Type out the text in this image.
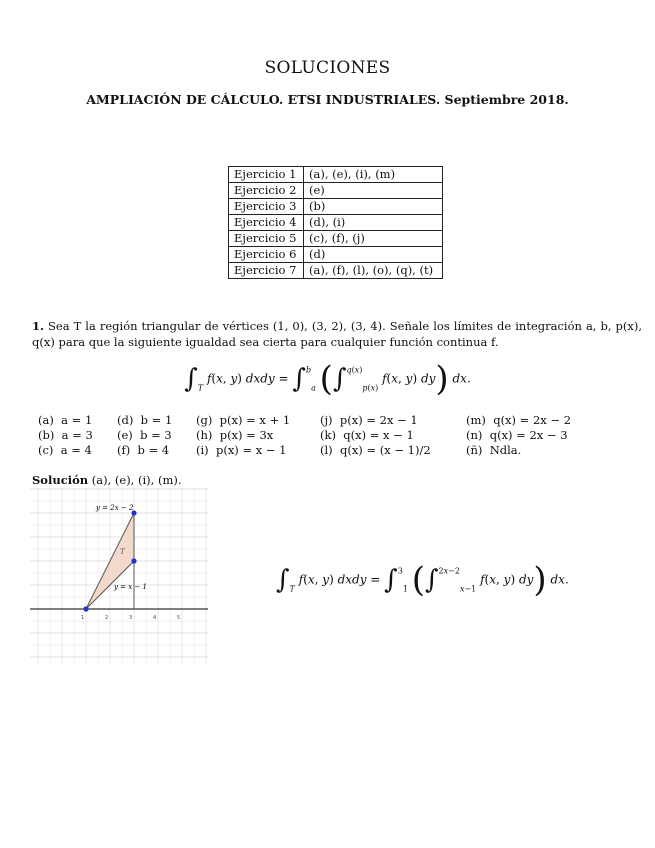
SOLUCIONES
AMPLIACIÓN DE CÁLCULO. ETSI INDUSTRIALES. Septiembre 2018.
Ejercicio 1	(a), (e), (i), (m)
Ejercicio 2	(e)
Ejercicio 3	(b)
Ejercicio 4	(d), (i)
Ejercicio 5	(c), (f), (j)
Ejercicio 6	(d)
Ejercicio 7	(a), (f), (l), (o), (q), (t)
1. Sea T la región triangular de vértices (1, 0), (3, 2), (3, 4). Señale los límites de integración a, b, p(x), q(x) para que la siguiente igualdad sea cierta para cualquier función continua f.
$\int_T$ f(x, y) dxdy = ∫$^b_a$ (∫$^{q(x)}_{p(x)}$ f(x, y) dy) dx.
(a) a = 1
(b) a = 3
(c) a = 4
(d) b = 1
(e) b = 3
(f) b = 4
(g) p(x) = x + 1
(h) p(x) = 3x
(i) p(x) = x − 1
(j) p(x) = 2x − 1
(k) q(x) = x − 1
(l) q(x) = (x − 1)/2
(m) q(x) = 2x − 2
(n) q(x) = 2x − 3
(ñ) Ndla.
Solución (a), (e), (i), (m).
y = 2x − 2
y = x − 1
T
1	2	3	4	5
$\int_T$ f(x, y) dxdy = ∫$^3_1$ (∫$^{2x-2}_{x-1}$ f(x, y) dy) dx.
